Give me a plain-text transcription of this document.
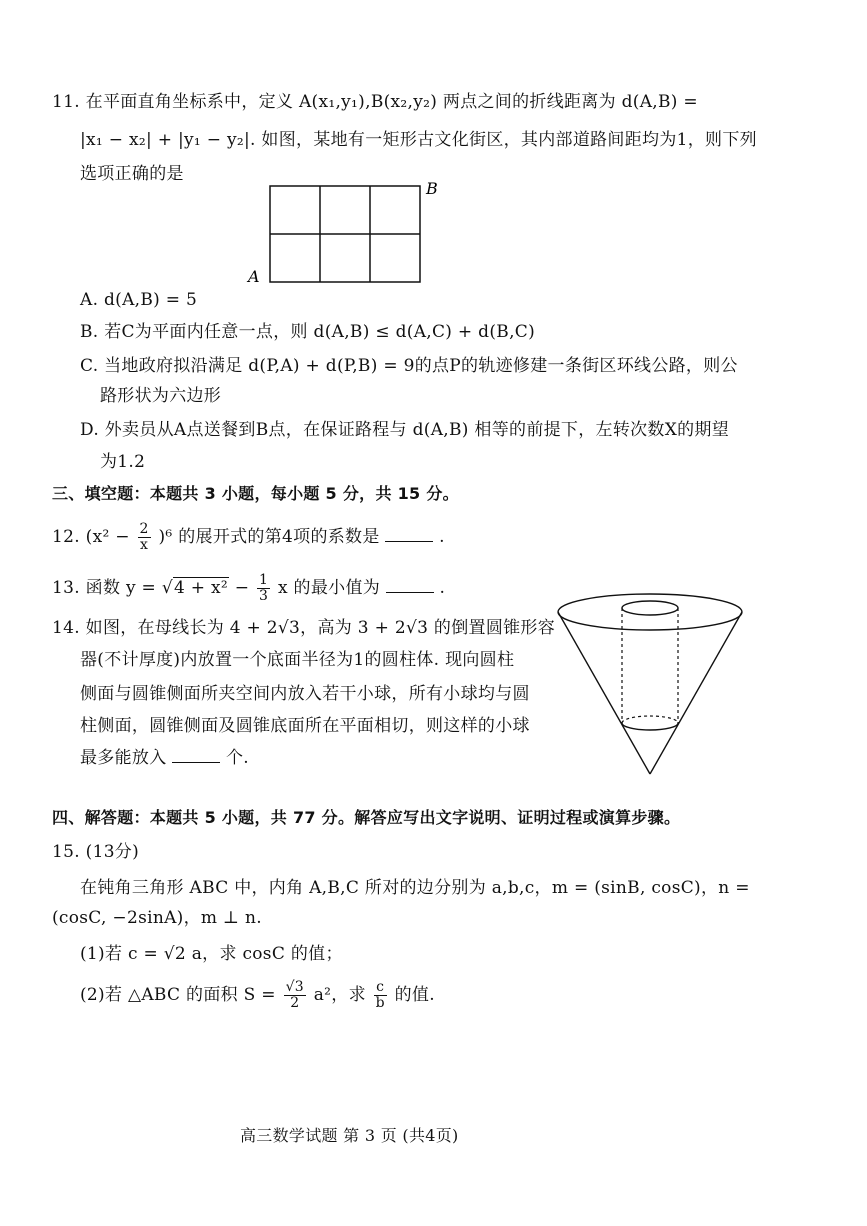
11. 在平面直角坐标系中，定义 A(x₁,y₁),B(x₂,y₂) 两点之间的折线距离为 d(A,B) =
|x₁ − x₂| + |y₁ − y₂|. 如图，某地有一矩形古文化街区，其内部道路间距均为1，则下列
选项正确的是
B
A
A. d(A,B) = 5
B. 若C为平面内任意一点，则 d(A,B) ≤ d(A,C) + d(B,C)
C. 当地政府拟沿满足 d(P,A) + d(P,B) = 9的点P的轨迹修建一条街区环线公路，则公
路形状为六边形
D. 外卖员从A点送餐到B点，在保证路程与 d(A,B) 相等的前提下，左转次数X的期望
为1.2
三、填空题：本题共 3 小题，每小题 5 分，共 15 分。
12. $(x^2 - \frac{2}{x} )^6$ 的展开式的第4项的系数是	.
13. 函数 $y = √4 + x^2 - \frac{1}{3}$ x 的最小值为	.
14. 如图，在母线长为 4 + 2√3，高为 3 + 2√3 的倒置圆锥形容
器(不计厚度)内放置一个底面半径为1的圆柱体. 现向圆柱
侧面与圆锥侧面所夹空间内放入若干小球，所有小球均与圆
柱侧面，圆锥侧面及圆锥底面所在平面相切，则这样的小球
最多能放入	个.
四、解答题：本题共 5 小题，共 77 分。解答应写出文字说明、证明过程或演算步骤。
15. (13分)
在钝角三角形 ABC 中，内角 A,B,C 所对的边分别为 a,b,c，m = (sinB, cosC)，n =
(cosC, −2sinA)，m ⊥ n.
(1)若 c = √2 a，求 cosC 的值；
(2)若 △ABC 的面积 $S = \frac{√3}{2} a^2$，求 $\frac{c}{b}$ 的值.
高三数学试题 第 3 页 (共4页)
